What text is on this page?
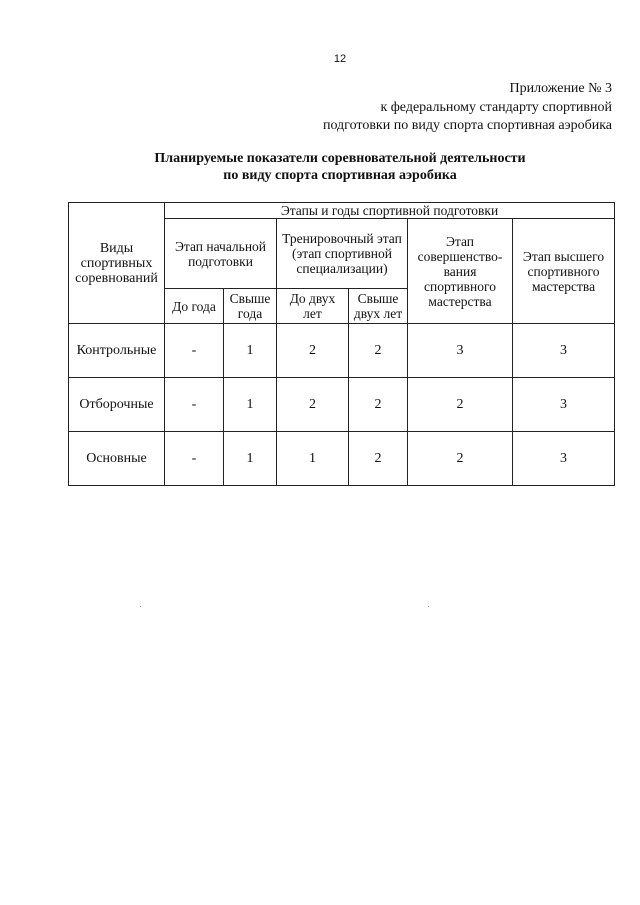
12
Приложение № 3
к федеральному стандарту спортивной
подготовки по виду спорта спортивная аэробика
Планируемые показатели соревновательной деятельности
по виду спорта спортивная аэробика
Виды спортивных соревнований	Этапы и годы спортивной подготовки					
	Этап начальной подготовки		Тренировочный этап (этап спортивной специализации)		Этап совершенство-вания спортивного мастерства	Этап высшего спортивного мастерства
	До года	Свыше года	До двух лет	Свыше двух лет		
Контрольные	-	1	2	2	3	3
Отборочные	-	1	2	2	2	3
Основные	-	1	1	2	2	3
